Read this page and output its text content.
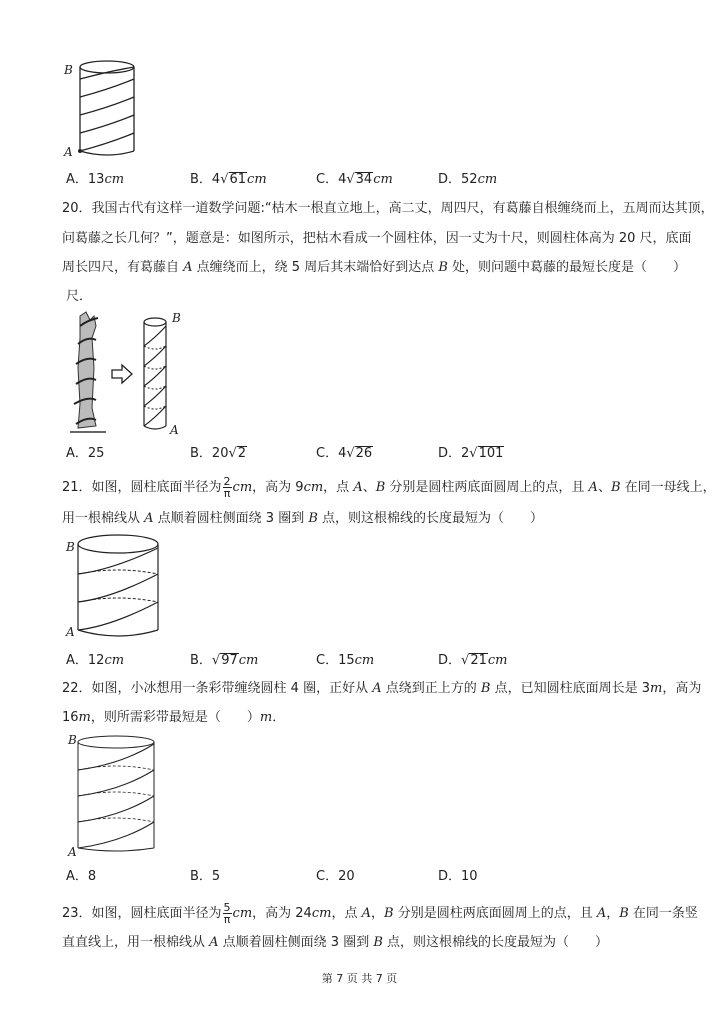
B
A
A．13cm	B．4√61cm	C．4√34cm	D．52cm
20．我国古代有这样一道数学问题:“枯木一根直立地上，高二丈，周四尺，有葛藤自根缠绕而上，五周而达其顶，
问葛藤之长几何？”，题意是：如图所示，把枯木看成一个圆柱体，因一丈为十尺，则圆柱体高为 20 尺，底面
周长四尺，有葛藤自 A 点缠绕而上，绕 5 周后其末端恰好到达点 B 处，则问题中葛藤的最短长度是（　　）
尺．
B
A
A．25	B．20√2	C．4√26	D．2√101
21．如图，圆柱底面半径为 $\frac{2}{\pi}$ cm，高为 9cm，点 A、B 分别是圆柱两底面圆周上的点，且 A、B 在同一母线上，
用一根棉线从 A 点顺着圆柱侧面绕 3 圈到 B 点，则这根棉线的长度最短为（　　）
B
A
A．12cm	B．√97cm	C．15cm	D．√21cm
22．如图，小冰想用一条彩带缠绕圆柱 4 圈，正好从 A 点绕到正上方的 B 点，已知圆柱底面周长是 3m，高为
16m，则所需彩带最短是（　　）m．
B
A
A．8	B．5	C．20	D．10
23．如图，圆柱底面半径为 $\frac{5}{\pi}$ cm，高为 24cm，点 A，B 分别是圆柱两底面圆周上的点，且 A，B 在同一条竖
直直线上，用一根棉线从 A 点顺着圆柱侧面绕 3 圈到 B 点，则这根棉线的长度最短为（　　）
第 7 页 共 7 页
